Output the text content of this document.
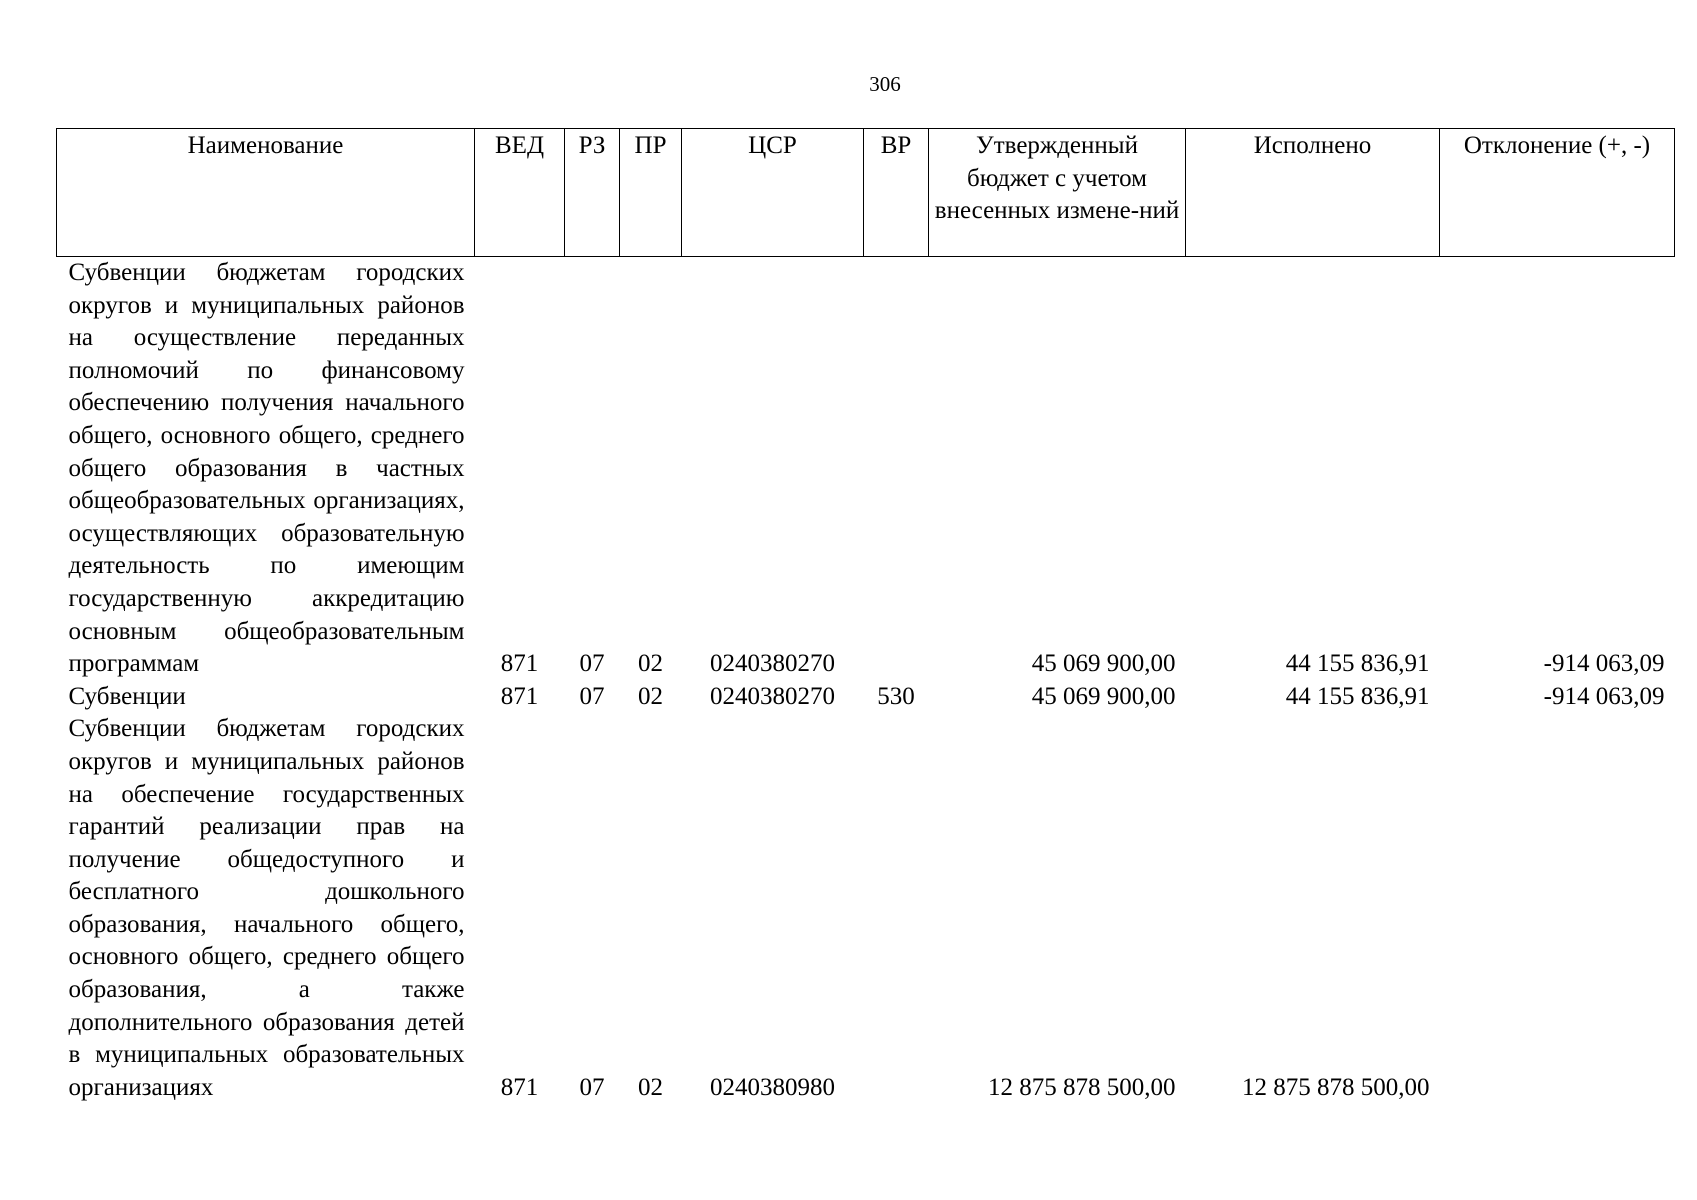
306
Наименование	ВЕД	РЗ	ПР	ЦСР	ВР	Утвержденный бюджет с учетом внесенных измене-ний	Исполнено	Отклонение (+, -)
Субвенции бюджетам городских округов и муниципальных районов на осуществление переданных полномочий по финансовому обеспечению получения начального общего, основного общего, среднего общего образования в частных общеобразовательных организациях, осуществляющих образовательную деятельность по имеющим государственную аккредитацию основным общеобразовательным программам	871	07	02	0240380270		45 069 900,00	44 155 836,91	-914 063,09
Субвенции	871	07	02	0240380270	530	45 069 900,00	44 155 836,91	-914 063,09
Субвенции бюджетам городских округов и муниципальных районов на обеспечение государственных гарантий реализации прав на получение общедоступного и бесплатного дошкольного образования, начального общего, основного общего, среднего общего образования, а также дополнительного образования детей в муниципальных образовательных организациях	871	07	02	0240380980		12 875 878 500,00	12 875 878 500,00	
